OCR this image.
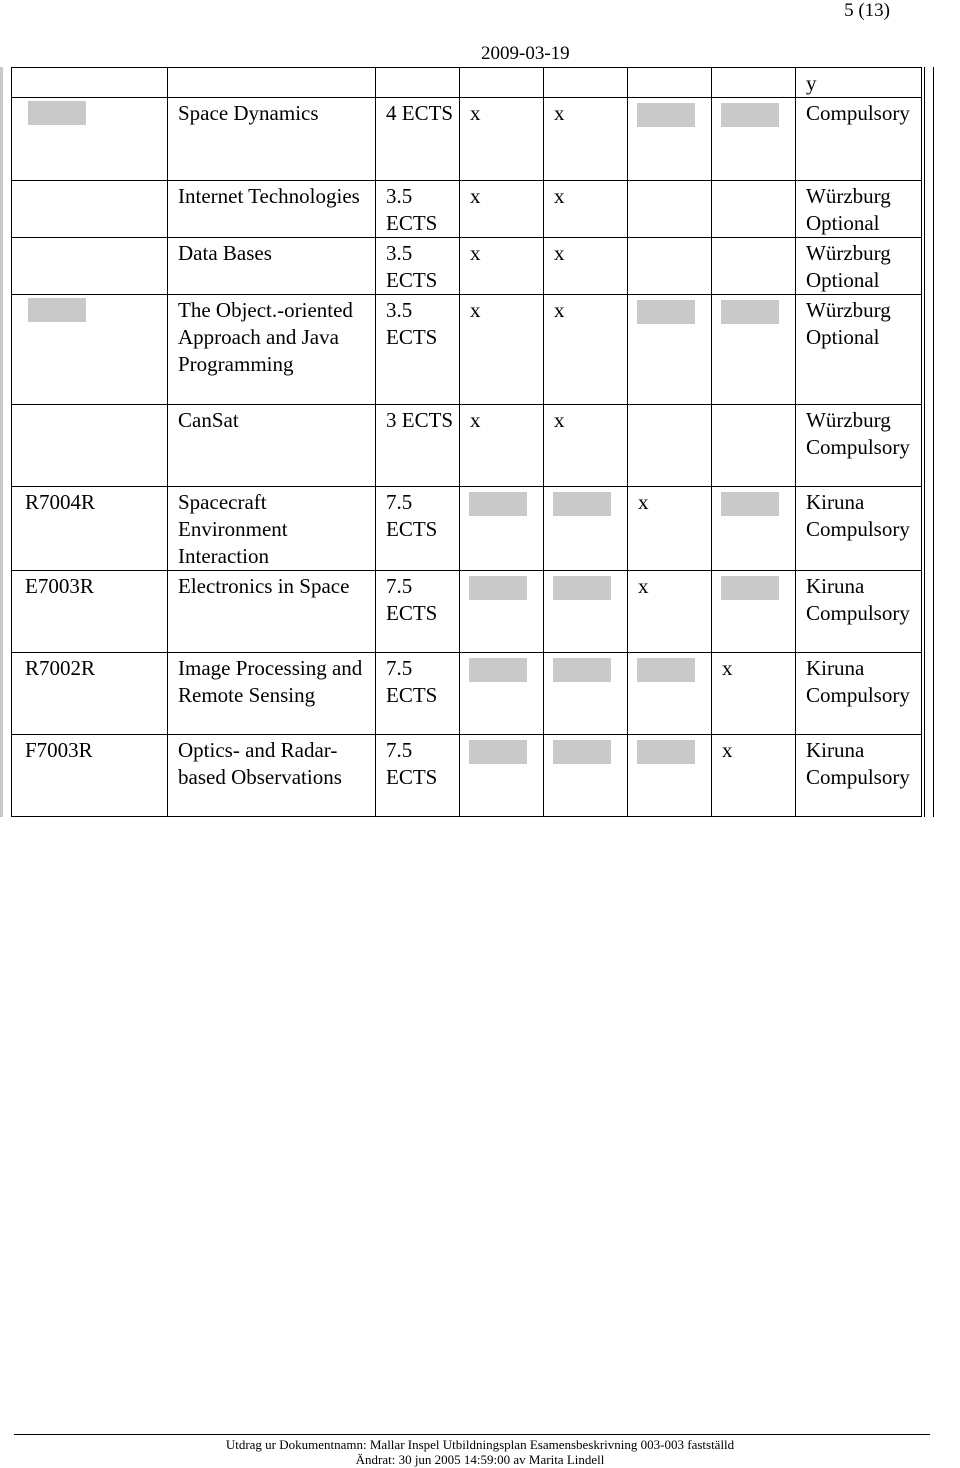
5 (13)
2009-03-19
							y

	Space Dynamics	4 ECTS	x	x			Compulsory
	Internet Technologies	3.5 ECTS	x	x			Würzburg Optional
	Data Bases	3.5 ECTS	x	x			Würzburg Optional

	The Object.-oriented Approach and Java Programming	3.5 ECTS	x	x			Würzburg Optional
	CanSat	3 ECTS	x	x			Würzburg Compulsory
R7004R	Spacecraft Environment Interaction	7.5 ECTS			x		Kiruna Compulsory
E7003R	Electronics in Space	7.5 ECTS			x		Kiruna Compulsory
R7002R	Image Processing and Remote Sensing	7.5 ECTS				x	Kiruna Compulsory
F7003R	Optics- and Radar-based Observations	7.5 ECTS				x	Kiruna Compulsory
Utdrag ur Dokumentnamn: Mallar Inspel Utbildningsplan Esamensbeskrivning 003-003 fastställd
Ändrat: 30 jun 2005 14:59:00 av Marita Lindell
